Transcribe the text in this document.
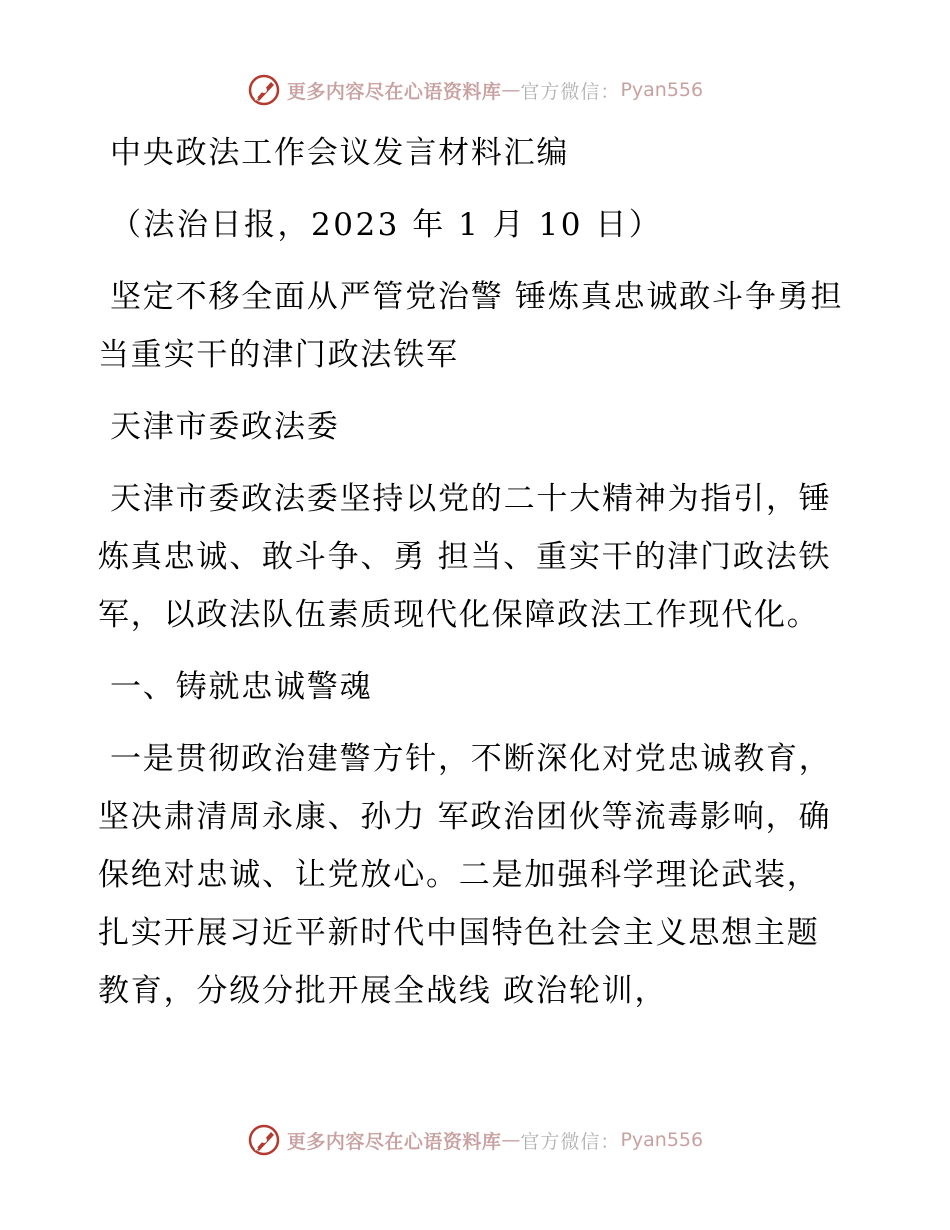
更多内容尽在心语资料库 — 官方微信： Pyan556

中央政法工作会议发言材料汇编

（法治日报，2023 年 1 月 10 日）

坚定不移全面从严管党治警 锤炼真忠诚敢斗争勇担当重实干的津门政法铁军

天津市委政法委

天津市委政法委坚持以党的二十大精神为指引，锤炼真忠诚、敢斗争、勇 担当、重实干的津门政法铁军，以政法队伍素质现代化保障政法工作现代化。

一、铸就忠诚警魂

一是贯彻政治建警方针，不断深化对党忠诚教育，坚决肃清周永康、孙力 军政治团伙等流毒影响，确保绝对忠诚、让党放心。二是加强科学理论武装， 扎实开展习近平新时代中国特色社会主义思想主题教育，分级分批开展全战线 政治轮训，

更多内容尽在心语资料库 — 官方微信： Pyan556
